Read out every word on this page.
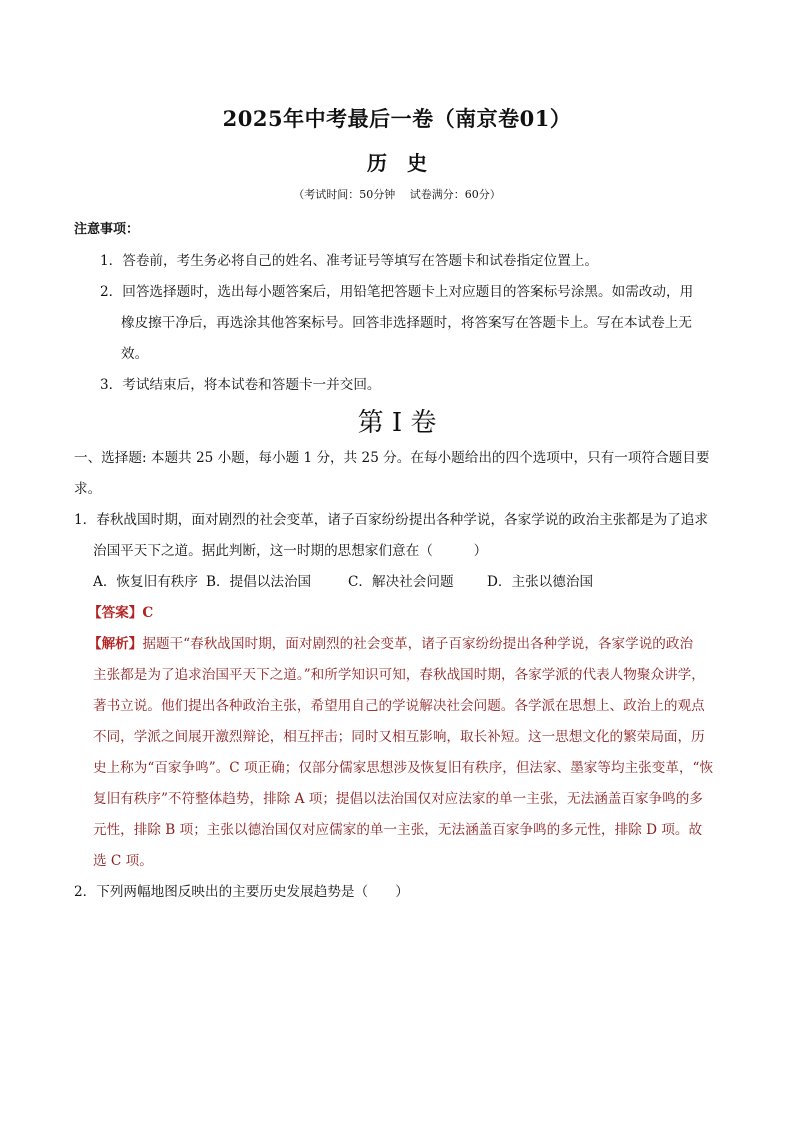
2025年中考最后一卷（南京卷01）
历　史
（考试时间：50分钟　 试卷满分：60分）
注意事项：
1．答卷前，考生务必将自己的姓名、准考证号等填写在答题卡和试卷指定位置上。
2．回答选择题时，选出每小题答案后，用铅笔把答题卡上对应题目的答案标号涂黑。如需改动，用
橡皮擦干净后，再选涂其他答案标号。回答非选择题时，将答案写在答题卡上。写在本试卷上无
效。
3．考试结束后，将本试卷和答题卡一并交回。
第 I 卷
一、选择题: 本题共 25 小题，每小题 1 分，共 25 分。在每小题给出的四个选项中，只有一项符合题目要
求。
1．春秋战国时期，面对剧烈的社会变革，诸子百家纷纷提出各种学说，各家学说的政治主张都是为了追求
治国平天下之道。据此判断，这一时期的思想家们意在（　　　）
A．恢复旧有秩序 B．提倡以法治国	C．解决社会问题 D．主张以德治国
【答案】C
【解析】据题干“春秋战国时期，面对剧烈的社会变革，诸子百家纷纷提出各种学说，各家学说的政治
主张都是为了追求治国平天下之道。”和所学知识可知，春秋战国时期，各家学派的代表人物聚众讲学，
著书立说。他们提出各种政治主张，希望用自己的学说解决社会问题。各学派在思想上、政治上的观点
不同，学派之间展开激烈辩论，相互抨击；同时又相互影响，取长补短。这一思想文化的繁荣局面，历
史上称为“百家争鸣”。C 项正确；仅部分儒家思想涉及恢复旧有秩序，但法家、墨家等均主张变革，“恢
复旧有秩序”不符整体趋势，排除 A 项；提倡以法治国仅对应法家的单一主张，无法涵盖百家争鸣的多
元性，排除 B 项；主张以德治国仅对应儒家的单一主张，无法涵盖百家争鸣的多元性，排除 D 项。故
选 C 项。
2．下列两幅地图反映出的主要历史发展趋势是（　　）
